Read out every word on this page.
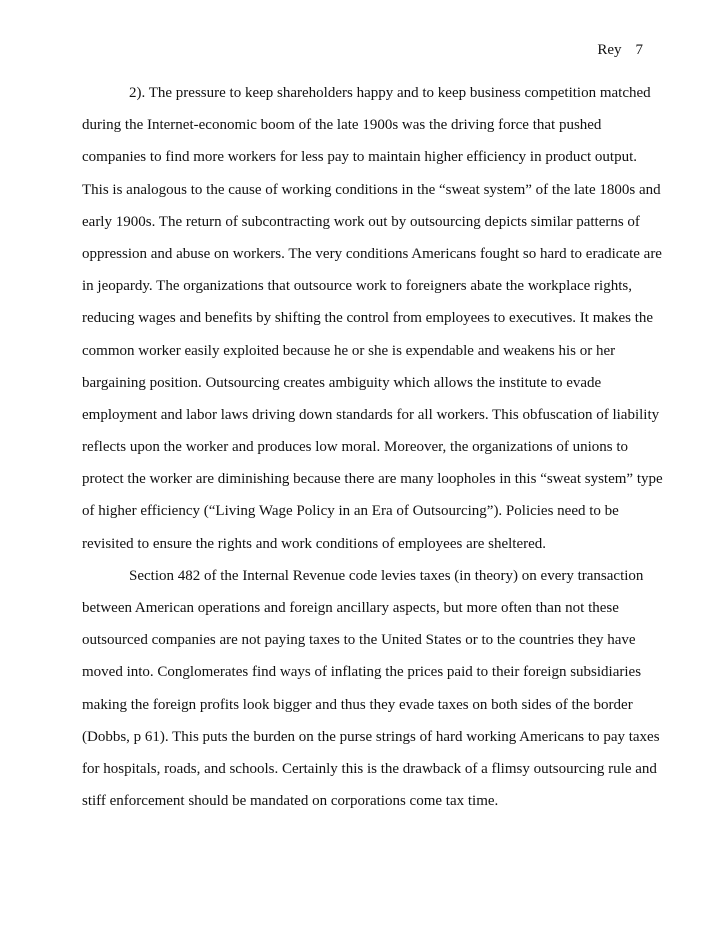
Rey 7
2). The pressure to keep shareholders happy and to keep business competition matched
during the Internet-economic boom of the late 1900s was the driving force that pushed
companies to find more workers for less pay to maintain higher efficiency in product output.
This is analogous to the cause of working conditions in the “sweat system” of the late 1800s and
early 1900s. The return of subcontracting work out by outsourcing depicts similar patterns of
oppression and abuse on workers. The very conditions Americans fought so hard to eradicate are
in jeopardy. The organizations that outsource work to foreigners abate the workplace rights,
reducing wages and benefits by shifting the control from employees to executives. It makes the
common worker easily exploited because he or she is expendable and weakens his or her
bargaining position. Outsourcing creates ambiguity which allows the institute to evade
employment and labor laws driving down standards for all workers. This obfuscation of liability
reflects upon the worker and produces low moral. Moreover, the organizations of unions to
protect the worker are diminishing because there are many loopholes in this “sweat system” type
of higher efficiency (“Living Wage Policy in an Era of Outsourcing”). Policies need to be
revisited to ensure the rights and work conditions of employees are sheltered.
Section 482 of the Internal Revenue code levies taxes (in theory) on every transaction
between American operations and foreign ancillary aspects, but more often than not these
outsourced companies are not paying taxes to the United States or to the countries they have
moved into. Conglomerates find ways of inflating the prices paid to their foreign subsidiaries
making the foreign profits look bigger and thus they evade taxes on both sides of the border
(Dobbs, p 61). This puts the burden on the purse strings of hard working Americans to pay taxes
for hospitals, roads, and schools. Certainly this is the drawback of a flimsy outsourcing rule and
stiff enforcement should be mandated on corporations come tax time.
